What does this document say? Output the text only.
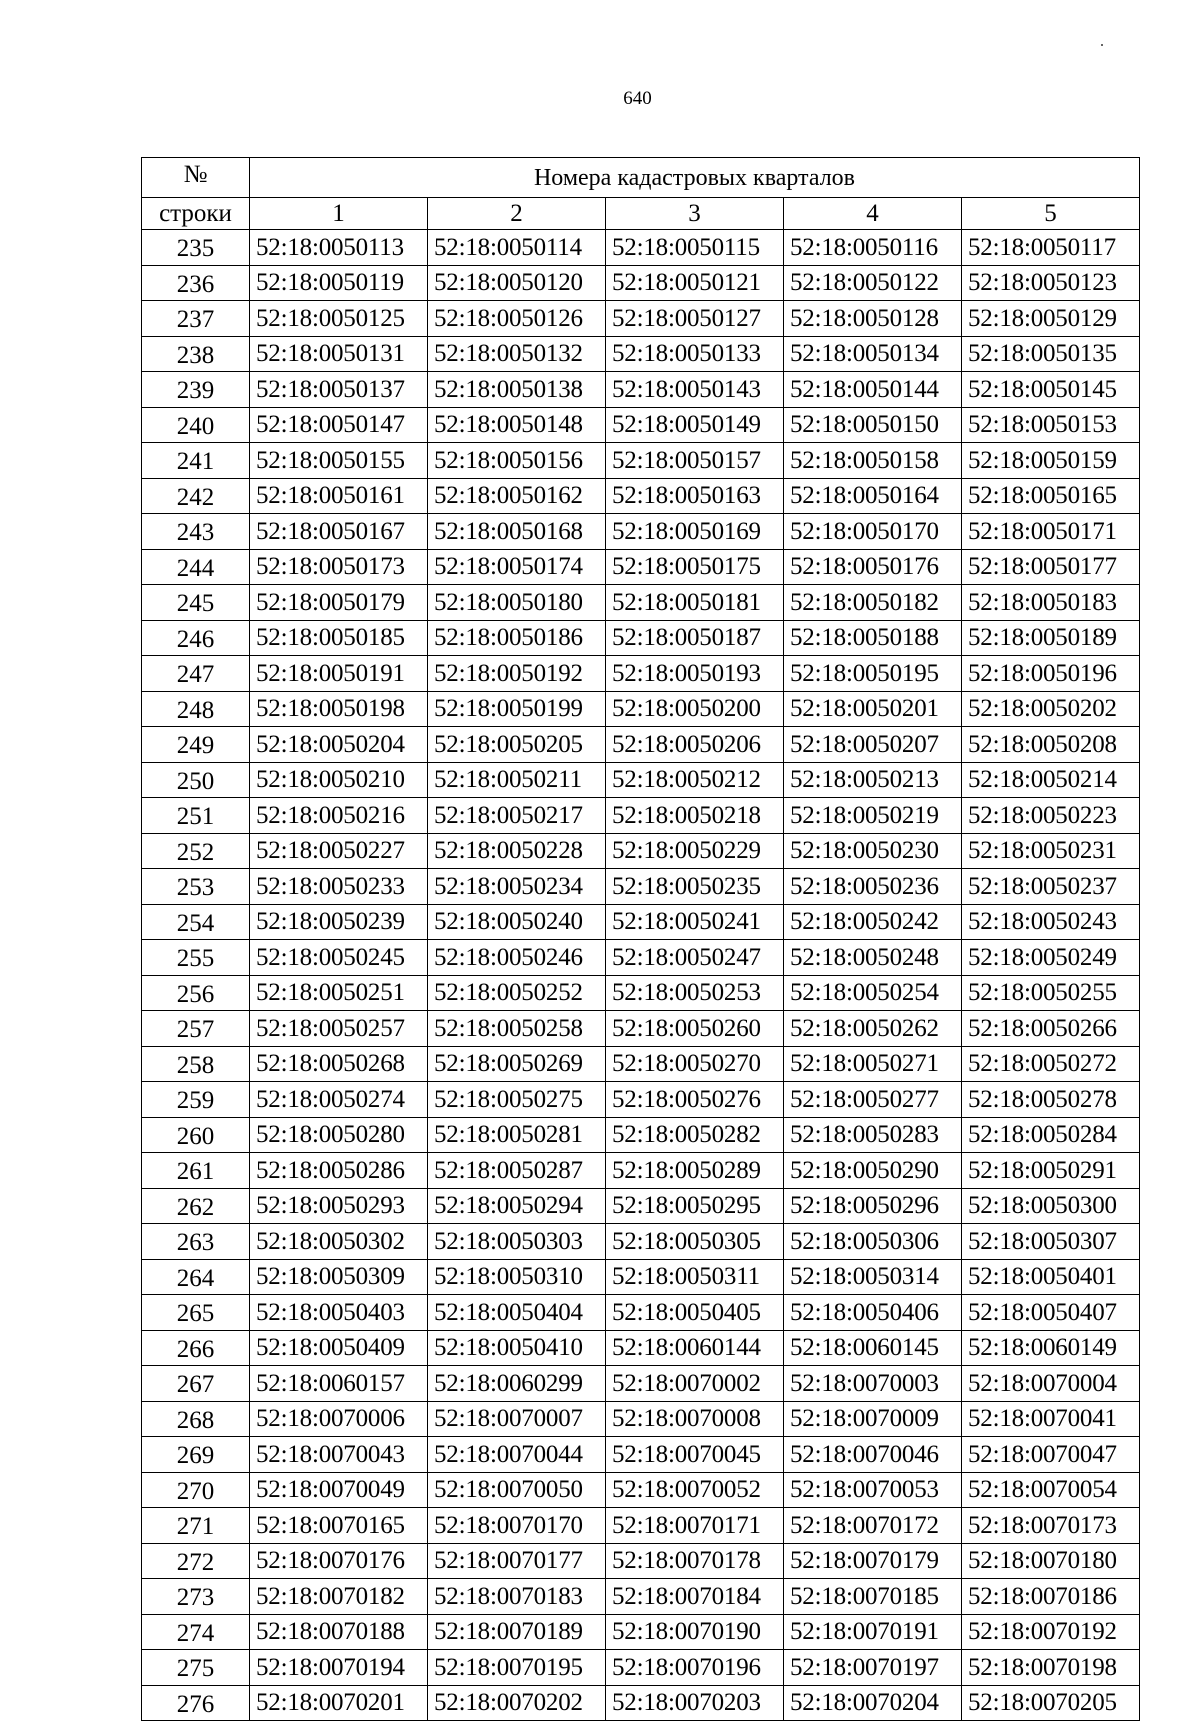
640
№	Номера кадастровых кварталов				
строки	1	2	3	4	5
235	52:18:0050113	52:18:0050114	52:18:0050115	52:18:0050116	52:18:0050117
236	52:18:0050119	52:18:0050120	52:18:0050121	52:18:0050122	52:18:0050123
237	52:18:0050125	52:18:0050126	52:18:0050127	52:18:0050128	52:18:0050129
238	52:18:0050131	52:18:0050132	52:18:0050133	52:18:0050134	52:18:0050135
239	52:18:0050137	52:18:0050138	52:18:0050143	52:18:0050144	52:18:0050145
240	52:18:0050147	52:18:0050148	52:18:0050149	52:18:0050150	52:18:0050153
241	52:18:0050155	52:18:0050156	52:18:0050157	52:18:0050158	52:18:0050159
242	52:18:0050161	52:18:0050162	52:18:0050163	52:18:0050164	52:18:0050165
243	52:18:0050167	52:18:0050168	52:18:0050169	52:18:0050170	52:18:0050171
244	52:18:0050173	52:18:0050174	52:18:0050175	52:18:0050176	52:18:0050177
245	52:18:0050179	52:18:0050180	52:18:0050181	52:18:0050182	52:18:0050183
246	52:18:0050185	52:18:0050186	52:18:0050187	52:18:0050188	52:18:0050189
247	52:18:0050191	52:18:0050192	52:18:0050193	52:18:0050195	52:18:0050196
248	52:18:0050198	52:18:0050199	52:18:0050200	52:18:0050201	52:18:0050202
249	52:18:0050204	52:18:0050205	52:18:0050206	52:18:0050207	52:18:0050208
250	52:18:0050210	52:18:0050211	52:18:0050212	52:18:0050213	52:18:0050214
251	52:18:0050216	52:18:0050217	52:18:0050218	52:18:0050219	52:18:0050223
252	52:18:0050227	52:18:0050228	52:18:0050229	52:18:0050230	52:18:0050231
253	52:18:0050233	52:18:0050234	52:18:0050235	52:18:0050236	52:18:0050237
254	52:18:0050239	52:18:0050240	52:18:0050241	52:18:0050242	52:18:0050243
255	52:18:0050245	52:18:0050246	52:18:0050247	52:18:0050248	52:18:0050249
256	52:18:0050251	52:18:0050252	52:18:0050253	52:18:0050254	52:18:0050255
257	52:18:0050257	52:18:0050258	52:18:0050260	52:18:0050262	52:18:0050266
258	52:18:0050268	52:18:0050269	52:18:0050270	52:18:0050271	52:18:0050272
259	52:18:0050274	52:18:0050275	52:18:0050276	52:18:0050277	52:18:0050278
260	52:18:0050280	52:18:0050281	52:18:0050282	52:18:0050283	52:18:0050284
261	52:18:0050286	52:18:0050287	52:18:0050289	52:18:0050290	52:18:0050291
262	52:18:0050293	52:18:0050294	52:18:0050295	52:18:0050296	52:18:0050300
263	52:18:0050302	52:18:0050303	52:18:0050305	52:18:0050306	52:18:0050307
264	52:18:0050309	52:18:0050310	52:18:0050311	52:18:0050314	52:18:0050401
265	52:18:0050403	52:18:0050404	52:18:0050405	52:18:0050406	52:18:0050407
266	52:18:0050409	52:18:0050410	52:18:0060144	52:18:0060145	52:18:0060149
267	52:18:0060157	52:18:0060299	52:18:0070002	52:18:0070003	52:18:0070004
268	52:18:0070006	52:18:0070007	52:18:0070008	52:18:0070009	52:18:0070041
269	52:18:0070043	52:18:0070044	52:18:0070045	52:18:0070046	52:18:0070047
270	52:18:0070049	52:18:0070050	52:18:0070052	52:18:0070053	52:18:0070054
271	52:18:0070165	52:18:0070170	52:18:0070171	52:18:0070172	52:18:0070173
272	52:18:0070176	52:18:0070177	52:18:0070178	52:18:0070179	52:18:0070180
273	52:18:0070182	52:18:0070183	52:18:0070184	52:18:0070185	52:18:0070186
274	52:18:0070188	52:18:0070189	52:18:0070190	52:18:0070191	52:18:0070192
275	52:18:0070194	52:18:0070195	52:18:0070196	52:18:0070197	52:18:0070198
276	52:18:0070201	52:18:0070202	52:18:0070203	52:18:0070204	52:18:0070205
